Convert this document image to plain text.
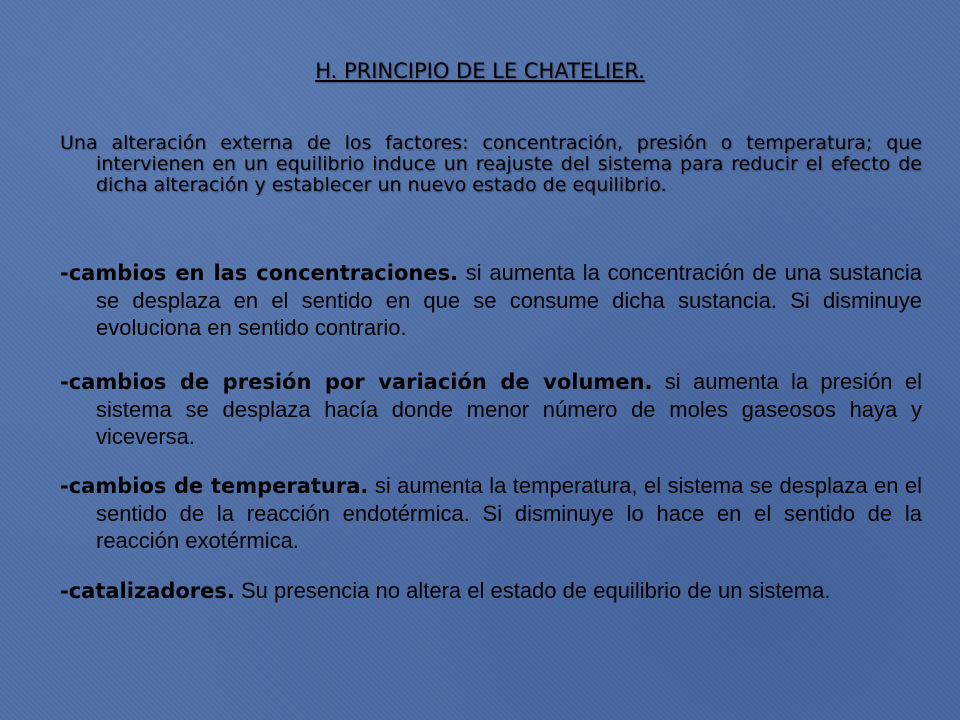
H. PRINCIPIO DE LE CHATELIER.
Una alteración externa de los factores: concentración, presión o temperatura; que intervienen en un equilibrio induce un reajuste del sistema para reducir el efecto de dicha alteración y establecer un nuevo estado de equilibrio.
-cambios en las concentraciones. si aumenta la concentración de una sustancia se desplaza en el sentido en que se consume dicha sustancia. Si disminuye evoluciona en sentido contrario.
-cambios de presión por variación de volumen. si aumenta la presión el sistema se desplaza hacía donde menor número de moles gaseosos haya y viceversa.
-cambios de temperatura. si aumenta la temperatura, el sistema se desplaza en el sentido de la reacción endotérmica. Si disminuye lo hace en el sentido de la reacción exotérmica.
-catalizadores. Su presencia no altera el estado de equilibrio de un sistema.
